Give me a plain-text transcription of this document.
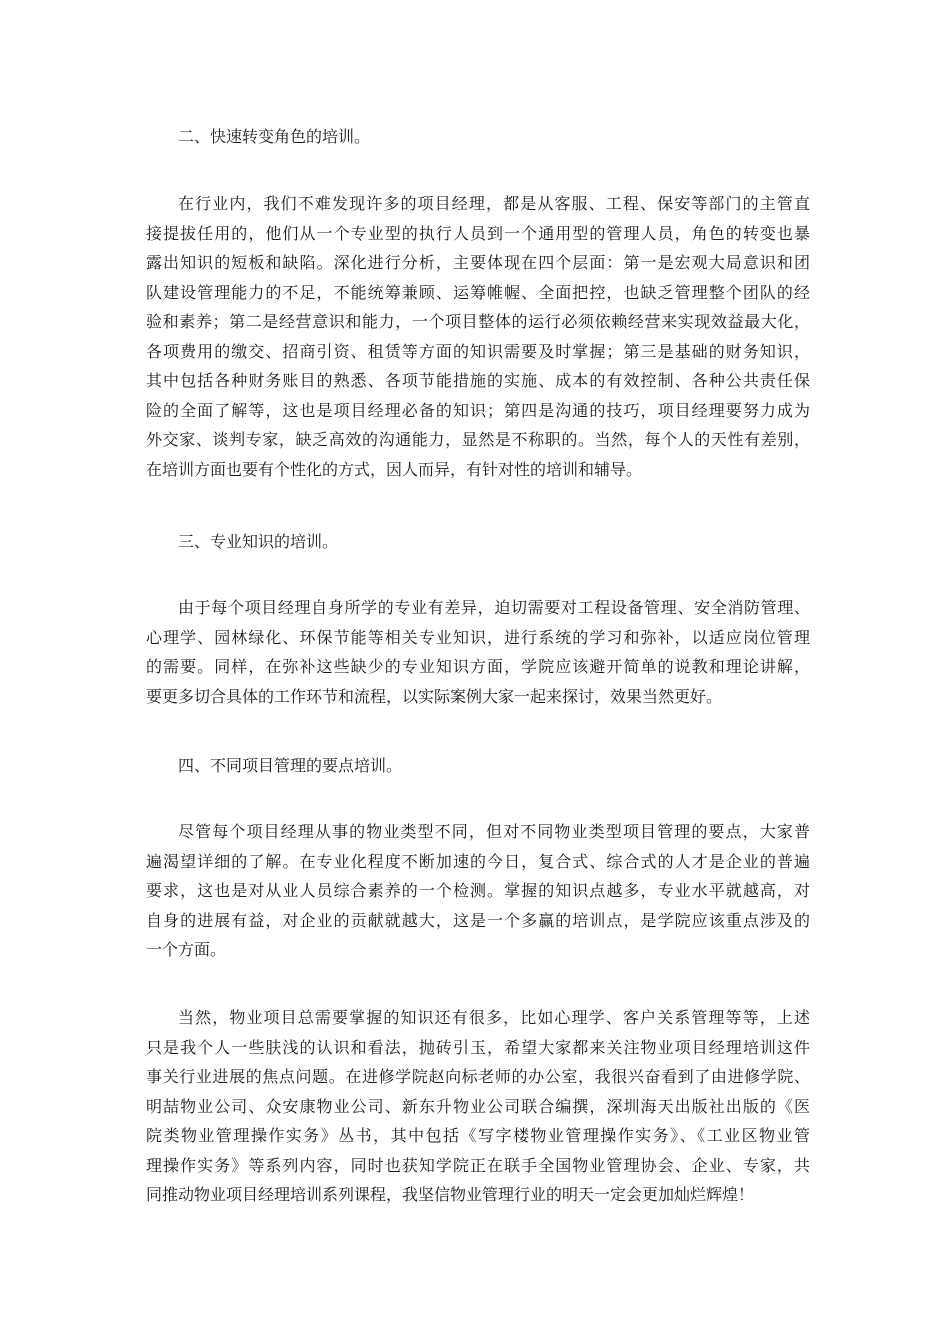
二、快速转变角色的培训。

在行业内，我们不难发现许多的项目经理，都是从客服、工程、保安等部门的主管直
接提拔任用的，他们从一个专业型的执行人员到一个通用型的管理人员，角色的转变也暴
露出知识的短板和缺陷。深化进行分析，主要体现在四个层面：第一是宏观大局意识和团
队建设管理能力的不足，不能统筹兼顾、运筹帷幄、全面把控，也缺乏管理整个团队的经
验和素养；第二是经营意识和能力，一个项目整体的运行必须依赖经营来实现效益最大化，
各项费用的缴交、招商引资、租赁等方面的知识需要及时掌握；第三是基础的财务知识，
其中包括各种财务账目的熟悉、各项节能措施的实施、成本的有效控制、各种公共责任保
险的全面了解等，这也是项目经理必备的知识；第四是沟通的技巧，项目经理要努力成为
外交家、谈判专家，缺乏高效的沟通能力，显然是不称职的。当然，每个人的天性有差别，
在培训方面也要有个性化的方式，因人而异，有针对性的培训和辅导。

三、专业知识的培训。

由于每个项目经理自身所学的专业有差异，迫切需要对工程设备管理、安全消防管理、
心理学、园林绿化、环保节能等相关专业知识，进行系统的学习和弥补，以适应岗位管理
的需要。同样，在弥补这些缺少的专业知识方面，学院应该避开简单的说教和理论讲解，
要更多切合具体的工作环节和流程，以实际案例大家一起来探讨，效果当然更好。

四、不同项目管理的要点培训。

尽管每个项目经理从事的物业类型不同，但对不同物业类型项目管理的要点，大家普
遍渴望详细的了解。在专业化程度不断加速的今日，复合式、综合式的人才是企业的普遍
要求，这也是对从业人员综合素养的一个检测。掌握的知识点越多，专业水平就越高，对
自身的进展有益，对企业的贡献就越大，这是一个多赢的培训点，是学院应该重点涉及的
一个方面。

当然，物业项目总需要掌握的知识还有很多，比如心理学、客户关系管理等等，上述
只是我个人一些肤浅的认识和看法，抛砖引玉，希望大家都来关注物业项目经理培训这件
事关行业进展的焦点问题。在进修学院赵向标老师的办公室，我很兴奋看到了由进修学院、
明喆物业公司、众安康物业公司、新东升物业公司联合编撰，深圳海天出版社出版的《医
院类物业管理操作实务》丛书，其中包括《写字楼物业管理操作实务》、《工业区物业管
理操作实务》等系列内容，同时也获知学院正在联手全国物业管理协会、企业、专家，共
同推动物业项目经理培训系列课程，我坚信物业管理行业的明天一定会更加灿烂辉煌！
